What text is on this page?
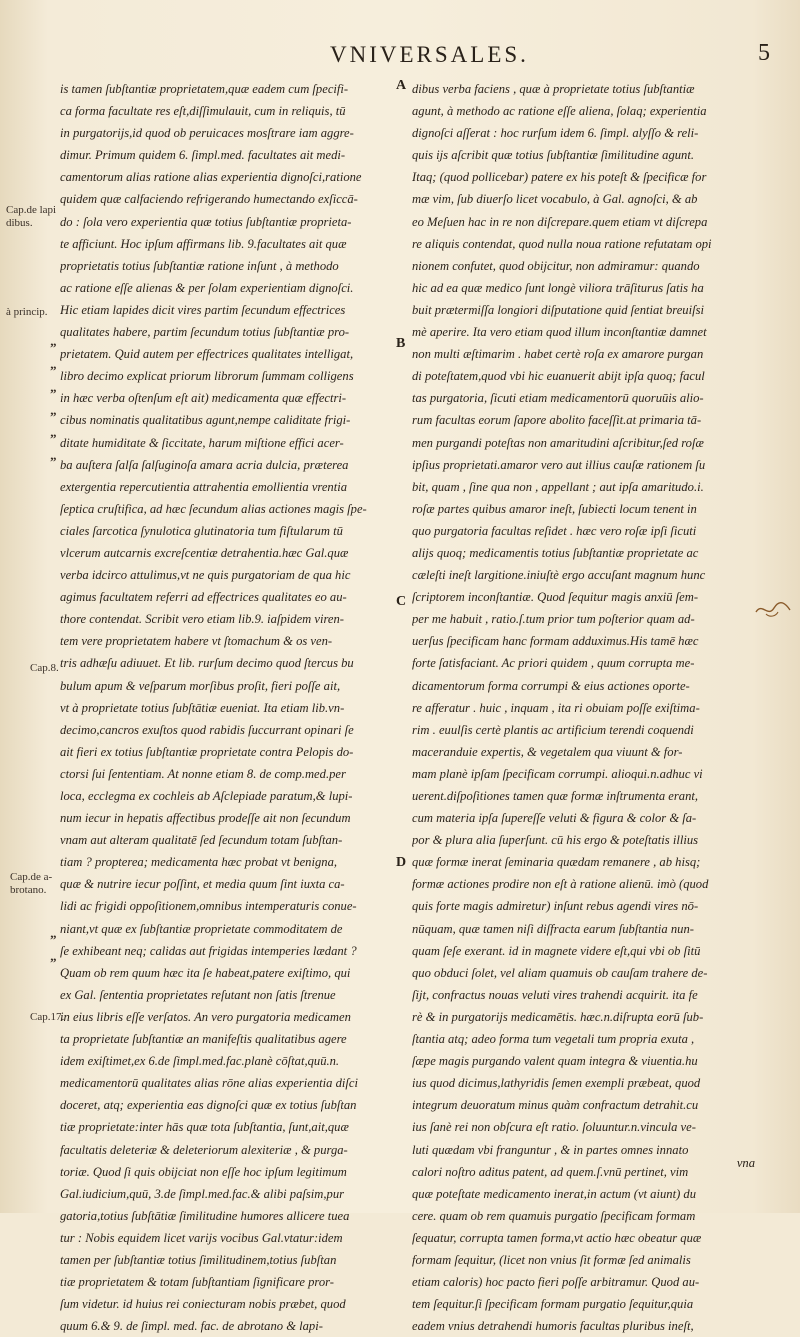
VNIVERSALES.	5
is tamen ſubſtantiæ proprietatem,quæ eadem cum ſpecifi-
ca forma facultate res eſt,diſſimulauit, cum in reliquis, tū
in purgatorijs,id quod ob peruicaces mosſtrare iam aggre-
dimur. Primum quidem 6. ſimpl.med. facultates ait medi-
camentorum alias ratione alias experientia dignoſci,ratione
quidem quæ calfaciendo refrigerando humectando exſiccā-
do : ſola vero experientia quæ totius ſubſtantiæ proprieta-
te afficiunt. Hoc ipſum affirmans lib. 9.facultates ait quæ
proprietatis totius ſubſtantiæ ratione inſunt , à methodo
ac ratione eſſe alienas & per ſolam experientiam dignoſci.
Hic etiam lapides dicit vires partim ſecundum effectrices
qualitates habere, partim ſecundum totius ſubſtantiæ pro-
prietatem. Quid autem per effectrices qualitates intelligat,
libro decimo explicat priorum librorum ſummam colligens
in hæc verba oſtenſum eſt ait) medicamenta quæ effectri-
cibus nominatis qualitatibus agunt,nempe caliditate frigi-
ditate humiditate & ſiccitate, harum miſtione effici acer-
ba auſtera ſalſa ſalſuginoſa amara acria dulcia, præterea
extergentia repercutientia attrahentia emollientia vrentia
ſeptica cruſtifica, ad hæc ſecundum alias actiones magis ſpe-
ciales ſarcotica ſynulotica glutinatoria tum fiſtularum tū
vlcerum autcarnis excreſcentiæ detrahentia.hæc Gal.quæ
verba idcirco attulimus,vt ne quis purgatoriam de qua hic
agimus facultatem referri ad effectrices qualitates eo au-
thore contendat. Scribit vero etiam lib.9. iaſpidem viren-
tem vere proprietatem habere vt ſtomachum & os ven-
tris adhæſu adiuuet. Et lib. rurſum decimo quod ſtercus bu
bulum apum & veſparum morſibus proſit, fieri poſſe ait,
vt à proprietate totius ſubſtātiæ eueniat. Ita etiam lib.vn-
decimo,cancros exuſtos quod rabidis ſuccurrant opinari ſe
ait fieri ex totius ſubſtantiæ proprietate contra Pelopis do-
ctorsi ſui ſententiam. At nonne etiam 8. de comp.med.per
loca, ecclegma ex cochleis ab Aſclepiade paratum,& lupi-
num iecur in hepatis affectibus prodeſſe ait non ſecundum
vnam aut alteram qualitatē ſed ſecundum totam ſubſtan-
tiam ? propterea; medicamenta hæc probat vt benigna,
quæ & nutrire iecur poſſint, et media quum ſint iuxta ca-
lidi ac frigidi oppoſitionem,omnibus intemperaturis conue-
niant,vt quæ ex ſubſtantiæ proprietate commoditatem de
ſe exhibeant neq; calidas aut frigidas intemperies lædant ?
Quam ob rem quum hæc ita ſe habeat,patere exiſtimo, qui
ex Gal. ſententia proprietates reſutant non ſatis ſtrenue
in eius libris eſſe verſatos. An vero purgatoria medicamen
ta proprietate ſubſtantiæ an manifeſtis qualitatibus agere
idem exiſtimet,ex 6.de ſimpl.med.fac.planè cōſtat,quū.n.
medicamentorū qualitates alias rōne alias experientia diſci
doceret, atq; experientia eas dignoſci quæ ex totius ſubſtan
tiæ proprietate:inter hās quæ tota ſubſtantia, ſunt,ait,quæ
facultatis deleteriæ & deleteriorum alexiteriæ , & purga-
toriæ. Quod ſi quis obijciat non eſſe hoc ipſum legitimum
Gal.iudicium,quū, 3.de ſimpl.med.fac.& alibi paſsim,pur
gatoria,totius ſubſtātiæ ſimilitudine humores allicere tuea
tur : Nobis equidem licet varijs vocibus Gal.vtatur:idem
tamen per ſubſtantiæ totius ſimilitudinem,totius ſubſtan
tiæ proprietatem & totam ſubſtantiam ſignificare pror-
ſum videtur. id huius rei coniecturam nobis præbet, quod
quum 6.& 9. de ſimpl. med. fac. de abrotano & lapi-
dibus verba faciens , quæ à proprietate totius ſubſtantiæ
agunt, à methodo ac ratione eſſe aliena, ſolaq; experientia
dignoſci aſſerat : hoc rurſum idem 6. ſimpl. alyſſo & reli-
quis ijs aſcribit quæ totius ſubſtantiæ ſimilitudine agunt.
Itaq; (quod pollicebar) patere ex his poteſt & ſpecificæ for
mæ vim, ſub diuerſo licet vocabulo, à Gal. agnoſci, & ab
eo Meſuen hac in re non diſcrepare.quem etiam vt diſcrepa
re aliquis contendat, quod nulla noua ratione refutatam opi
nionem confutet, quod obijcitur, non admiramur: quando
hic ad ea quæ medico ſunt longè viliora trāſiturus ſatis ha
buit prætermiſſa longiori diſputatione quid ſentiat breuiſsi
mè aperire. Ita vero etiam quod illum inconſtantiæ damnet
non multi æſtimarim . habet certè roſa ex amarore purgan
di poteſtatem,quod vbi hic euanuerit abijt ipſa quoq; facul
tas purgatoria, ſicuti etiam medicamentorū quoruūis alio-
rum facultas eorum ſapore abolito faceſſit.at primaria tā-
men purgandi poteſtas non amaritudini aſcribitur,ſed roſæ
ipſius proprietati.amaror vero aut illius cauſæ rationem ſu
bit, quam , ſine qua non , appellant ; aut ipſa amaritudo.i.
roſæ partes quibus amaror ineſt, ſubiecti locum tenent in
quo purgatoria facultas reſidet . hæc vero roſæ ipſi ſicuti
alijs quoq; medicamentis totius ſubſtantiæ proprietate ac
cæleſti ineſt largitione.iniuſtè ergo accuſant magnum hunc
ſcriptorem inconſtantiæ. Quod ſequitur magis anxiū ſem-
per me habuit , ratio.ſ.tum prior tum poſterior quam ad-
uerſus ſpecificam hanc formam adduximus.His tamē hæc
forte ſatisfaciant. Ac priori quidem , quum corrupta me-
dicamentorum forma corrumpi & eius actiones oporte-
re afferatur . huic , inquam , ita ri obuiam poſſe exiſtima-
rim . euulſis certè plantis ac artificium terendi coquendi
maceranduie expertis, & vegetalem qua viuunt & for-
mam planè ipſam ſpecificam corrumpi. alioqui.n.adhuc vi
uerent.diſpoſitiones tamen quæ formæ inſtrumenta erant,
cum materia ipſa ſupereſſe veluti & figura & color & ſa-
por & plura alia ſuperſunt. cū his ergo & poteſtatis illius
quæ formæ inerat ſeminaria quædam remanere , ab hisq;
formæ actiones prodire non eſt à ratione alienū. imò (quod
quis forte magis admiretur) inſunt rebus agendi vires nō-
nūquam, quæ tamen niſi diſfracta earum ſubſtantia nun-
quam ſeſe exerant. id in magnete videre eſt,qui vbi ob ſitū
quo obduci ſolet, vel aliam quamuis ob cauſam trahere de-
ſijt, confractus nouas veluti vires trahendi acquirit. ita fe
rè & in purgatorijs medicamētis. hæc.n.diſrupta eorū ſub-
ſtantia atq; adeo forma tum vegetali tum propria exuta ,
ſæpe magis purgando valent quam integra & viuentia.hu
ius quod dicimus,lathyridis ſemen exempli præbeat, quod
integrum deuoratum minus quàm confractum detrahit.cu
ius ſanè rei non obſcura eſt ratio. ſoluuntur.n.vincula ve-
luti quædam vbi franguntur , & in partes omnes innato
calori noſtro aditus patent, ad quem.ſ.vnū pertinet, vim
quæ poteſtate medicamento inerat,in actum (vt aiunt) du
cere. quam ob rem quamuis purgatio ſpecificam formam
ſequatur, corrupta tamen forma,vt actio hæc obeatur quæ
formam ſequitur, (licet non vnius ſit formæ ſed animalis
etiam caloris) hoc pacto fieri poſſe arbitramur. Quod au-
tem ſequitur.ſi ſpecificam formam purgatio ſequitur,quia
eadem vnius detrahendi humoris facultas pluribus ineſt,
Cap.de lapi
dibus.
à princip.
Cap.8.
Cap.de a-
brotano.
Cap.17.
”
”
”
”
”
”
”
”
A
B
C
D
vna
